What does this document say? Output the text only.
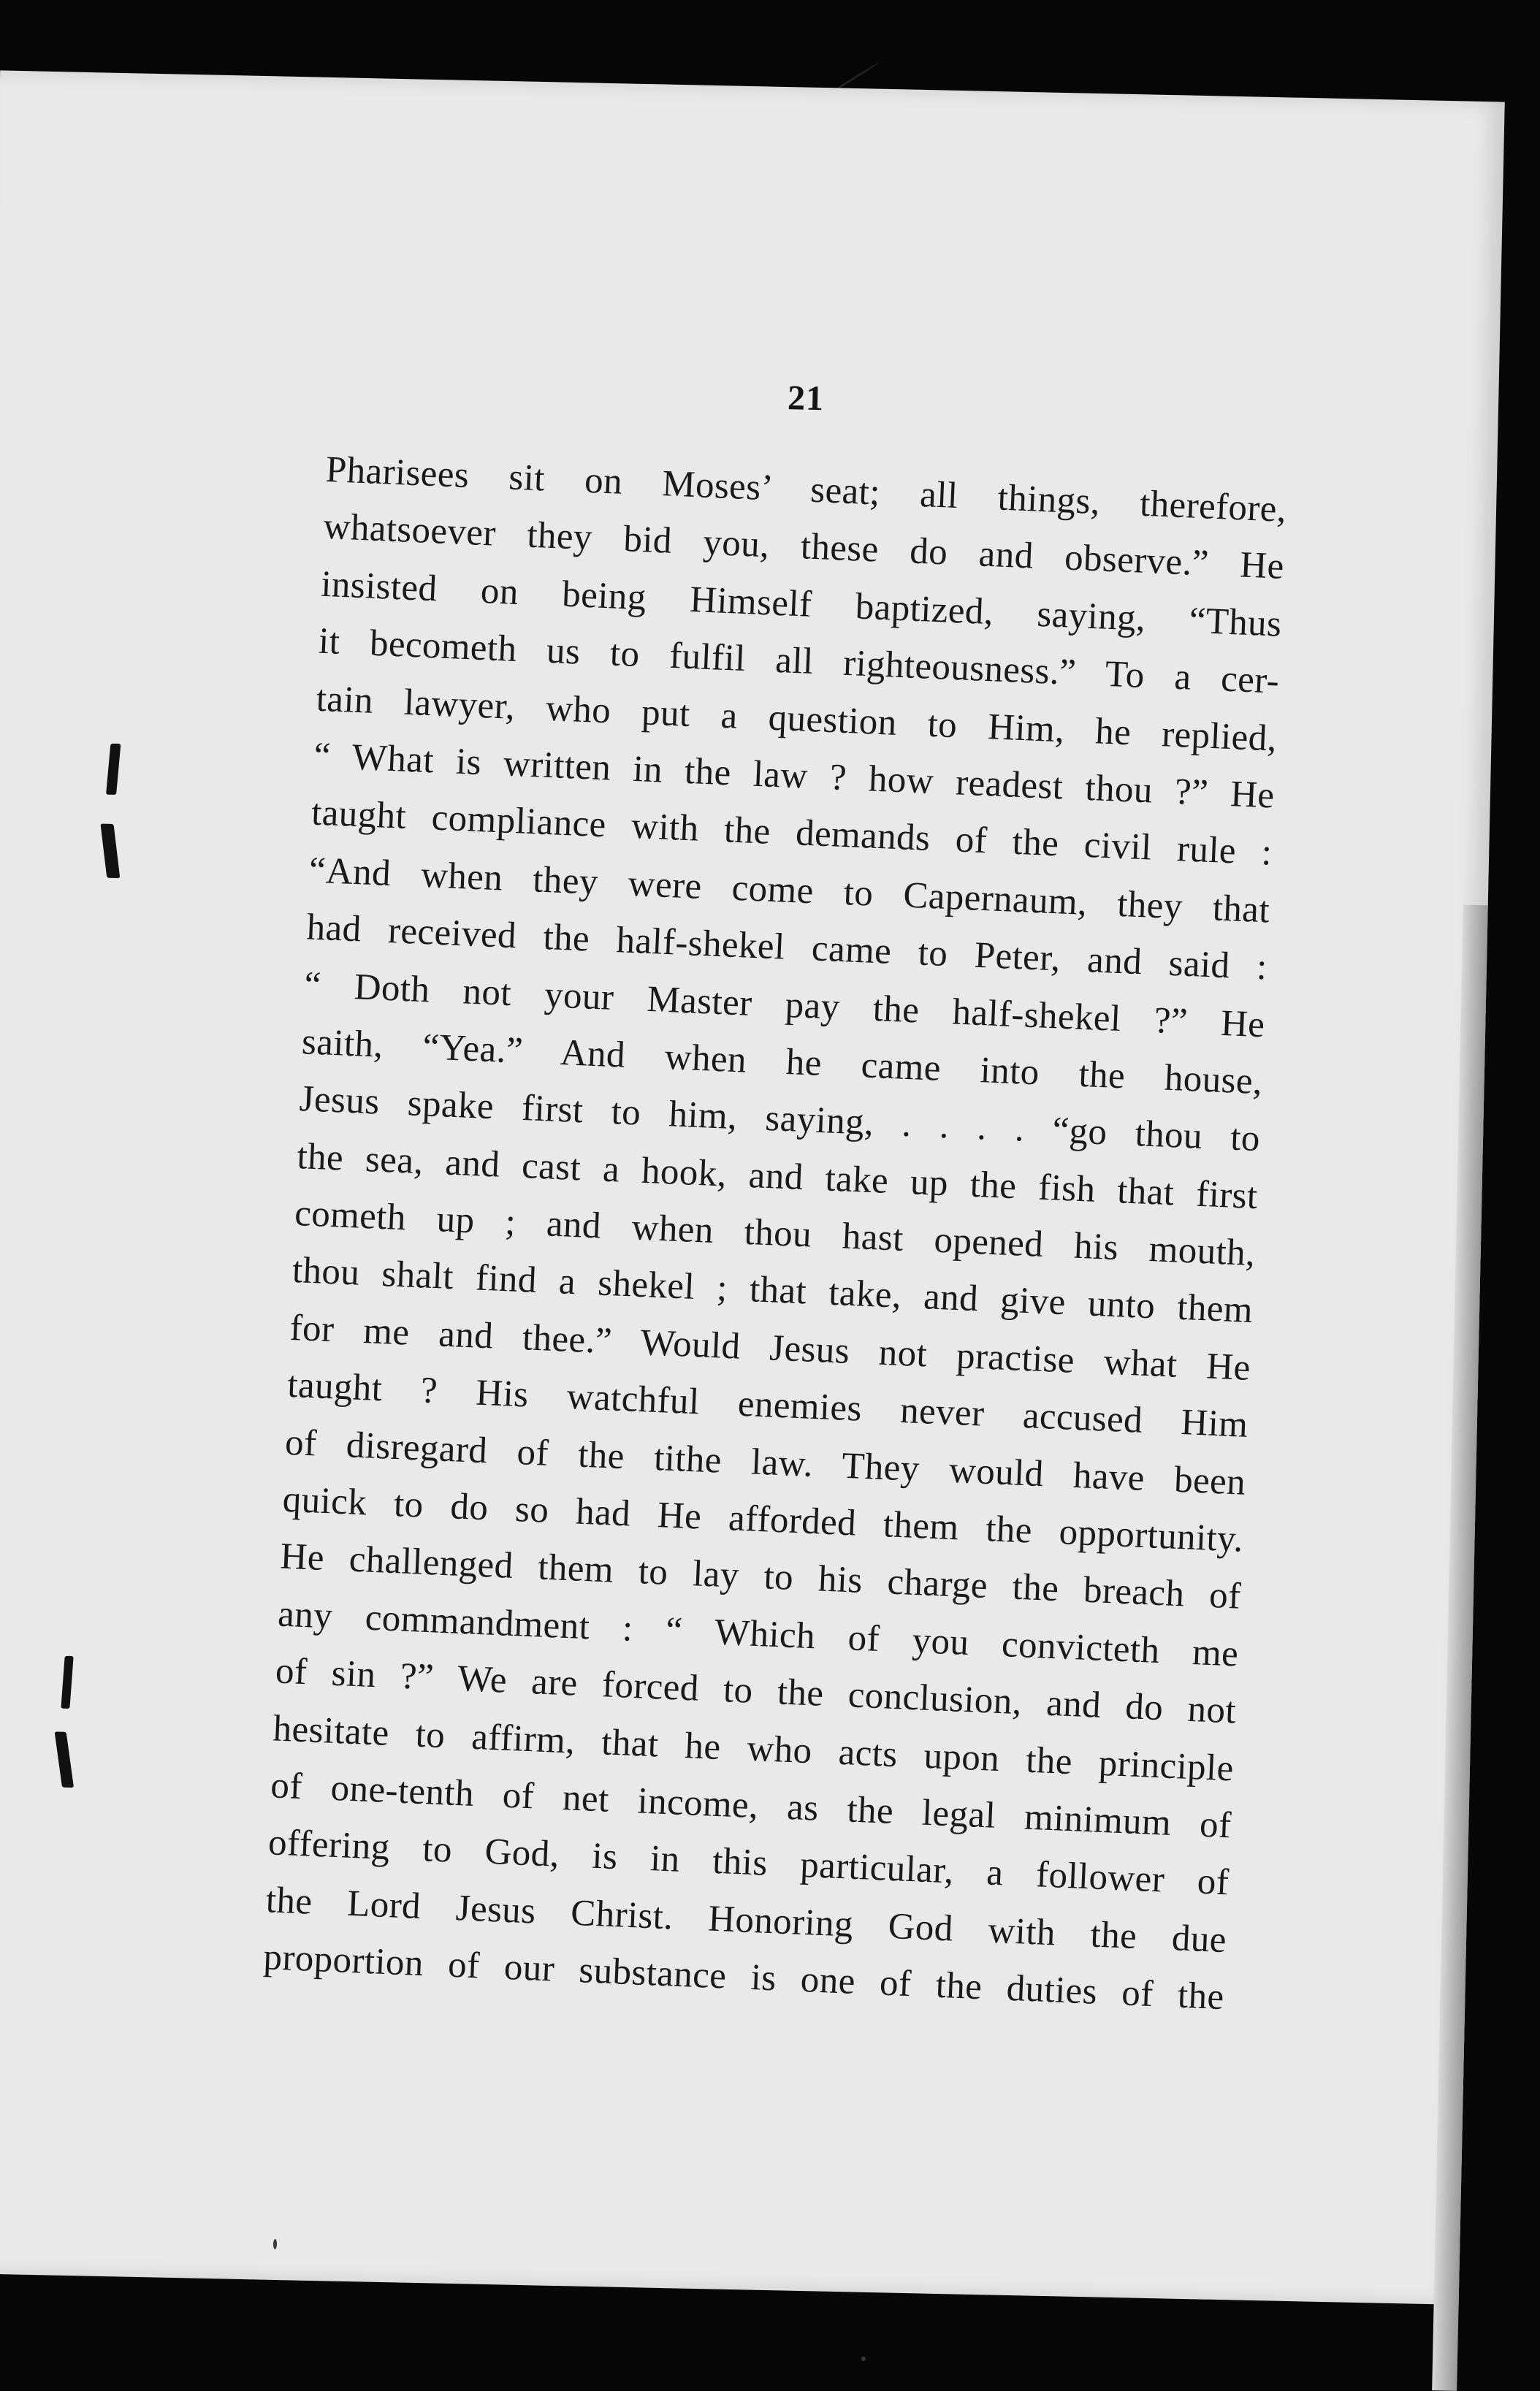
21
Pharisees sit on Moses’ seat; all things, therefore,
whatsoever they bid you, these do and observe.” He
insisted on being Himself baptized, saying, “Thus
it becometh us to fulfil all righteousness.” To a cer-
tain lawyer, who put a question to Him, he replied,
“ What is written in the law ? how readest thou ?” He
taught compliance with the demands of the civil rule :
“And when they were come to Capernaum, they that
had received the half-shekel came to Peter, and said :
“ Doth not your Master pay the half-shekel ?” He
saith, “Yea.” And when he came into the house,
Jesus spake first to him, saying, . . . . “go thou to
the sea, and cast a hook, and take up the fish that first
cometh up ; and when thou hast opened his mouth,
thou shalt find a shekel ; that take, and give unto them
for me and thee.” Would Jesus not practise what He
taught ? His watchful enemies never accused Him
of disregard of the tithe law. They would have been
quick to do so had He afforded them the opportunity.
He challenged them to lay to his charge the breach of
any commandment : “ Which of you convicteth me
of sin ?” We are forced to the conclusion, and do not
hesitate to affirm, that he who acts upon the principle
of one-tenth of net income, as the legal minimum of
offering to God, is in this particular, a follower of
the Lord Jesus Christ. Honoring God with the due
proportion of our substance is one of the duties of the
